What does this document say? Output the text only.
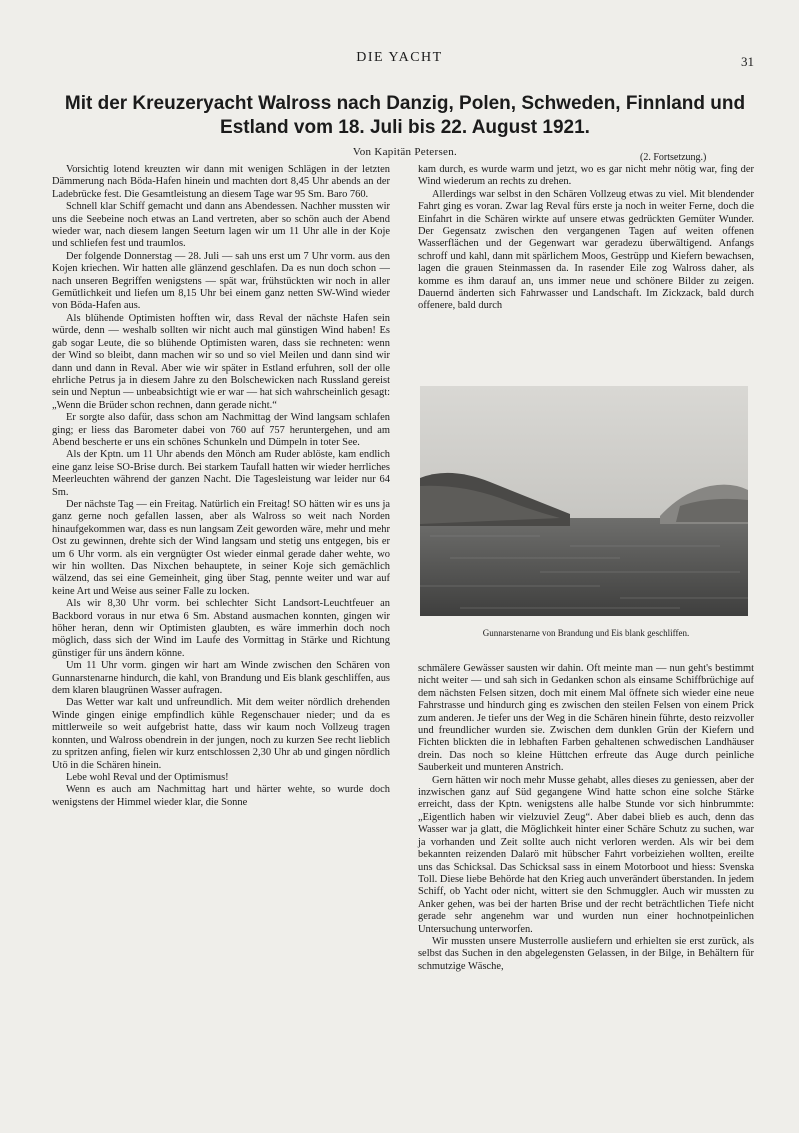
DIE YACHT	31
Mit der Kreuzeryacht Walross nach Danzig, Polen, Schweden, Finnland und
Estland vom 18. Juli bis 22. August 1921.
Von Kapitän Petersen.	(2. Fortsetzung.)

Vorsichtig lotend kreuzten wir dann mit wenigen Schlägen in der letzten Dämmerung nach Böda-Hafen hinein und machten dort 8,45 Uhr abends an der Ladebrücke fest. Die Gesamtleistung an diesem Tage war 95 Sm. Baro 760.

Schnell klar Schiff gemacht und dann ans Abendessen. Nachher mussten wir uns die Seebeine noch etwas an Land vertreten, aber so schön auch der Abend wieder war, nach diesem langen Seeturn lagen wir um 11 Uhr alle in der Koje und schliefen fest und traumlos.

Der folgende Donnerstag — 28. Juli — sah uns erst um 7 Uhr vorm. aus den Kojen kriechen. Wir hatten alle glänzend geschlafen. Da es nun doch schon — nach unseren Begriffen wenigstens — spät war, frühstückten wir noch in aller Gemütlichkeit und liefen um 8,15 Uhr bei einem ganz netten SW-Wind wieder von Böda-Hafen aus.

Als blühende Optimisten hofften wir, dass Reval der nächste Hafen sein würde, denn — weshalb sollten wir nicht auch mal günstigen Wind haben! Es gab sogar Leute, die so blühende Optimisten waren, dass sie rechneten: wenn der Wind so bleibt, dann machen wir so und so viel Meilen und dann sind wir dann und dann in Reval. Aber wie wir später in Estland erfuhren, soll der olle ehrliche Petrus ja in diesem Jahre zu den Bolschewicken nach Russland gereist sein und Neptun — unbeabsichtigt wie er war — hat sich wahrscheinlich gesagt: „Wenn die Brüder schon rechnen, dann gerade nicht.“

Er sorgte also dafür, dass schon am Nachmittag der Wind langsam schlafen ging; er liess das Barometer dabei von 760 auf 757 heruntergehen, und am Abend bescherte er uns ein schönes Schunkeln und Dümpeln in toter See.

Als der Kptn. um 11 Uhr abends den Mönch am Ruder ablöste, kam endlich eine ganz leise SO-Brise durch. Bei starkem Taufall hatten wir wieder herrliches Meerleuchten während der ganzen Nacht. Die Tagesleistung war leider nur 64 Sm.

Der nächste Tag — ein Freitag. Natürlich ein Freitag! SO hätten wir es uns ja ganz gerne noch gefallen lassen, aber als Walross so weit nach Norden hinaufgekommen war, dass es nun langsam Zeit geworden wäre, mehr und mehr Ost zu gewinnen, drehte sich der Wind langsam und stetig uns entgegen, bis er um 6 Uhr vorm. als ein vergnügter Ost wieder einmal gerade daher wehte, wo wir hin wollten. Das Nixchen behauptete, in seiner Koje sich gemächlich wälzend, das sei eine Gemeinheit, ging über Stag, pennte weiter und war auf keine Art und Weise aus seiner Falle zu locken.

Als wir 8,30 Uhr vorm. bei schlechter Sicht Landsort-Leuchtfeuer an Backbord voraus in nur etwa 6 Sm. Abstand ausmachen konnten, gingen wir höher heran, denn wir Optimisten glaubten, es wäre immerhin doch noch möglich, dass sich der Wind im Laufe des Vormittag in Stärke und Richtung günstiger für uns ändern könne.

Um 11 Uhr vorm. gingen wir hart am Winde zwischen den Schären von Gunnarstenarne hindurch, die kahl, von Brandung und Eis blank geschliffen, aus dem klaren blaugrünen Wasser aufragen.

Das Wetter war kalt und unfreundlich. Mit dem weiter nördlich drehenden Winde gingen einige empfindlich kühle Regenschauer nieder; und da es mittlerweile so weit aufgebrist hatte, dass wir kaum noch Vollzeug tragen konnten, und Walross obendrein in der jungen, noch zu kurzen See recht lieblich zu spritzen anfing, fielen wir kurz entschlossen 2,30 Uhr ab und gingen nördlich Utö in die Schären hinein.

Lebe wohl Reval und der Optimismus!

Wenn es auch am Nachmittag hart und härter wehte, so wurde doch wenigstens der Himmel wieder klar, die Sonne

kam durch, es wurde warm und jetzt, wo es gar nicht mehr nötig war, fing der Wind wiederum an rechts zu drehen.

Allerdings war selbst in den Schären Vollzeug etwas zu viel. Mit blendender Fahrt ging es voran. Zwar lag Reval fürs erste ja noch in weiter Ferne, doch die Einfahrt in die Schären wirkte auf unsere etwas gedrückten Gemüter Wunder. Der Gegensatz zwischen den vergangenen Tagen auf weiten offenen Wasserflächen und der Gegenwart war geradezu überwältigend. Anfangs schroff und kahl, dann mit spärlichem Moos, Gestrüpp und Kiefern bewachsen, lagen die grauen Steinmassen da. In rasender Eile zog Walross daher, als komme es ihm darauf an, uns immer neue und schönere Bilder zu zeigen. Dauernd änderten sich Fahrwasser und Landschaft. Im Zickzack, bald durch offenere, bald durch

Gunnarstenarne von Brandung und Eis blank geschliffen.

schmälere Gewässer sausten wir dahin. Oft meinte man — nun geht's bestimmt nicht weiter — und sah sich in Gedanken schon als einsame Schiffbrüchige auf dem nächsten Felsen sitzen, doch mit einem Mal öffnete sich wieder eine neue Fahrstrasse und hindurch ging es zwischen den steilen Felsen von einem Prick zum anderen. Je tiefer uns der Weg in die Schären hinein führte, desto reizvoller und freundlicher wurden sie. Zwischen dem dunklen Grün der Kiefern und Fichten blickten die in lebhaften Farben gehaltenen schwedischen Landhäuser drein. Das noch so kleine Hüttchen erfreute das Auge durch peinliche Sauberkeit und munteren Anstrich.

Gern hätten wir noch mehr Musse gehabt, alles dieses zu geniessen, aber der inzwischen ganz auf Süd gegangene Wind hatte schon eine solche Stärke erreicht, dass der Kptn. wenigstens alle halbe Stunde vor sich hinbrummte: „Eigentlich haben wir vielzuviel Zeug“. Aber dabei blieb es auch, denn das Wasser war ja glatt, die Möglichkeit hinter einer Schäre Schutz zu suchen, war ja vorhanden und Zeit sollte auch nicht verloren werden. Als wir bei dem bekannten reizenden Dalarö mit hübscher Fahrt vorbeiziehen wollten, ereilte uns das Schicksal. Das Schicksal sass in einem Motorboot und hiess: Svenska Toll. Diese liebe Behörde hat den Krieg auch unverändert überstanden. In jedem Schiff, ob Yacht oder nicht, wittert sie den Schmuggler. Auch wir mussten zu Anker gehen, was bei der harten Brise und der recht beträchtlichen Tiefe nicht gerade sehr angenehm war und wurden nun einer hochnotpeinlichen Untersuchung unterworfen.

Wir mussten unsere Musterrolle ausliefern und erhielten sie erst zurück, als selbst das Suchen in den abgelegensten Gelassen, in der Bilge, in Behältern für schmutzige Wäsche,
